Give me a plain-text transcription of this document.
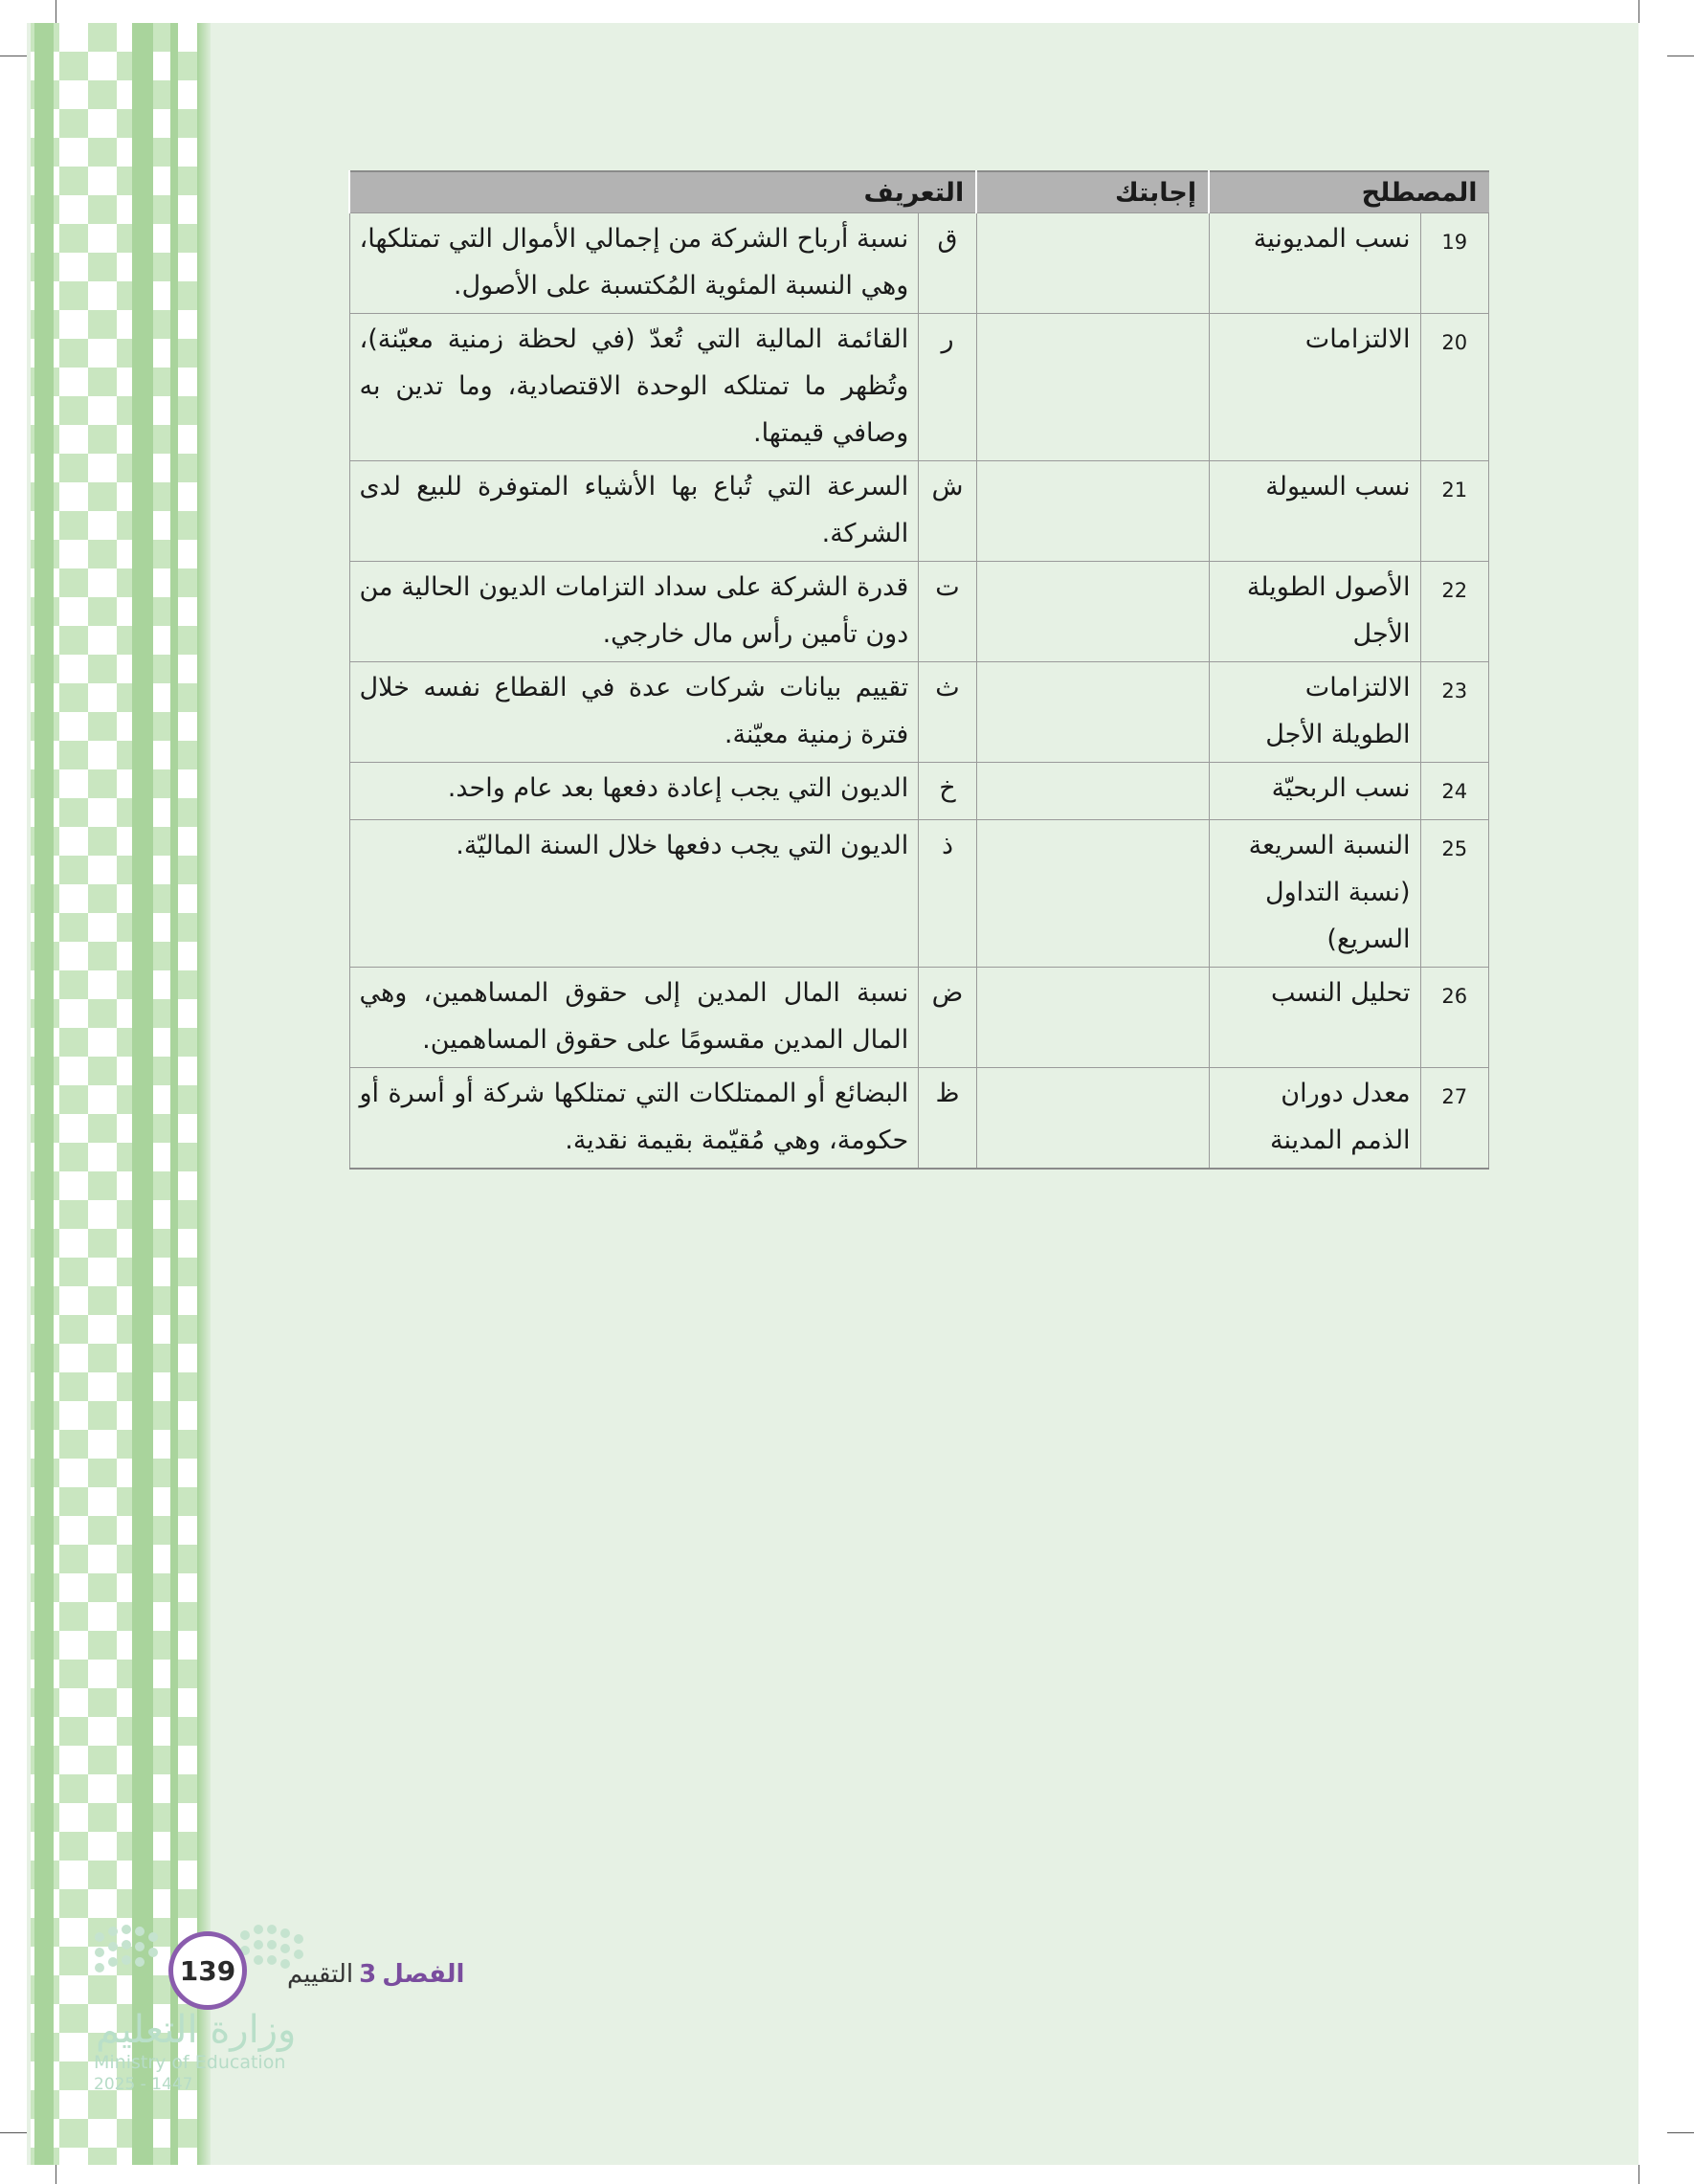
المصطلح		إجابتك	التعريف	
19	نسب المديونية		ق	نسبة أرباح الشركة من إجمالي الأموال التي تمتلكها، وهي النسبة المئوية المُكتسبة على الأصول.
20	الالتزامات		ر	القائمة المالية التي تُعدّ (في لحظة زمنية معيّنة)، وتُظهر ما تمتلكه الوحدة الاقتصادية، وما تدين به وصافي قيمتها.
21	نسب السيولة		ش	السرعة التي تُباع بها الأشياء المتوفرة للبيع لدى الشركة.
22	الأصول الطويلة الأجل		ت	قدرة الشركة على سداد التزامات الديون الحالية من دون تأمين رأس مال خارجي.
23	الالتزامات الطويلة الأجل		ث	تقييم بيانات شركات عدة في القطاع نفسه خلال فترة زمنية معيّنة.
24	نسب الربحيّة		خ	الديون التي يجب إعادة دفعها بعد عام واحد.
25	النسبة السريعة (نسبة التداول السريع)		ذ	الديون التي يجب دفعها خلال السنة الماليّة.
26	تحليل النسب		ض	نسبة المال المدين إلى حقوق المساهمين، وهي المال المدين مقسومًا على حقوق المساهمين.
27	معدل دوران الذمم المدينة		ظ	البضائع أو الممتلكات التي تمتلكها شركة أو أسرة أو حكومة، وهي مُقيّمة بقيمة نقدية.
139	الفصل3التقييم
وزارة التعليم
Ministry of Education
2025 - 1447
